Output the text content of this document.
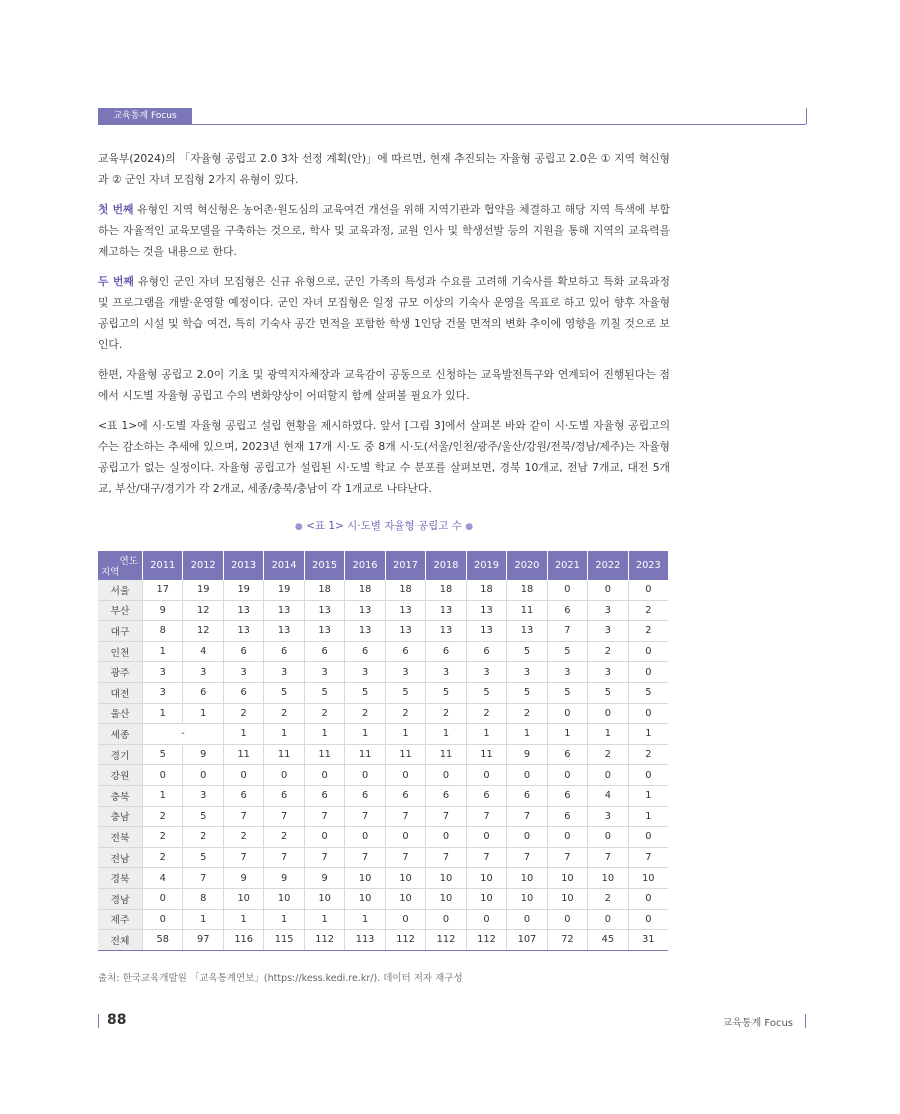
교육통계 Focus

교육부(2024)의 「자율형 공립고 2.0 3차 선정 계획(안)」에 따르면, 현재 추진되는 자율형 공립고 2.0은 ① 지역 혁신형과 ② 군인 자녀 모집형 2가지 유형이 있다.

첫 번째 유형인 지역 혁신형은 농어촌·원도심의 교육여건 개선을 위해 지역기관과 협약을 체결하고 해당 지역 특색에 부합하는 자율적인 교육모델을 구축하는 것으로, 학사 및 교육과정, 교원 인사 및 학생선발 등의 지원을 통해 지역의 교육력을 제고하는 것을 내용으로 한다.

두 번째 유형인 군인 자녀 모집형은 신규 유형으로, 군인 가족의 특성과 수요를 고려해 기숙사를 확보하고 특화 교육과정 및 프로그램을 개발·운영할 예정이다. 군인 자녀 모집형은 일정 규모 이상의 기숙사 운영을 목표로 하고 있어 향후 자율형 공립고의 시설 및 학습 여건, 특히 기숙사 공간 면적을 포함한 학생 1인당 건물 면적의 변화 추이에 영향을 끼칠 것으로 보인다.

한편, 자율형 공립고 2.0이 기초 및 광역지자체장과 교육감이 공동으로 신청하는 교육발전특구와 연계되어 진행된다는 점에서 시도별 자율형 공립고 수의 변화양상이 어떠할지 함께 살펴볼 필요가 있다.

<표 1>에 시·도별 자율형 공립고 설립 현황을 제시하였다. 앞서 [그림 3]에서 살펴본 바와 같이 시·도별 자율형 공립고의 수는 감소하는 추세에 있으며, 2023년 현재 17개 시·도 중 8개 시·도(서울/인천/광주/울산/강원/전북/경남/제주)는 자율형 공립고가 없는 실정이다. 자율형 공립고가 설립된 시·도별 학교 수 분포를 살펴보면, 경북 10개교, 전남 7개교, 대전 5개교, 부산/대구/경기가 각 2개교, 세종/충북/충남이 각 1개교로 나타난다.

● <표 1> 시·도별 자율형 공립고 수 ●
연도
지역	2011	2012	2013	2014	2015	2016	2017	2018	2019	2020	2021	2022	2023
서울	17	19	19	19	18	18	18	18	18	18	0	0	0
부산	9	12	13	13	13	13	13	13	13	11	6	3	2
대구	8	12	13	13	13	13	13	13	13	13	7	3	2
인천	1	4	6	6	6	6	6	6	6	5	5	2	0
광주	3	3	3	3	3	3	3	3	3	3	3	3	0
대전	3	6	6	5	5	5	5	5	5	5	5	5	5
울산	1	1	2	2	2	2	2	2	2	2	0	0	0
세종	-		1	1	1	1	1	1	1	1	1	1	1
경기	5	9	11	11	11	11	11	11	11	9	6	2	2
강원	0	0	0	0	0	0	0	0	0	0	0	0	0
충북	1	3	6	6	6	6	6	6	6	6	6	4	1
충남	2	5	7	7	7	7	7	7	7	7	6	3	1
전북	2	2	2	2	0	0	0	0	0	0	0	0	0
전남	2	5	7	7	7	7	7	7	7	7	7	7	7
경북	4	7	9	9	9	10	10	10	10	10	10	10	10
경남	0	8	10	10	10	10	10	10	10	10	10	2	0
제주	0	1	1	1	1	1	0	0	0	0	0	0	0
전체	58	97	116	115	112	113	112	112	112	107	72	45	31
출처: 한국교육개발원 「교육통계연보」(https://kess.kedi.re.kr/). 데이터 저자 재구성
88	교육통계 Focus
